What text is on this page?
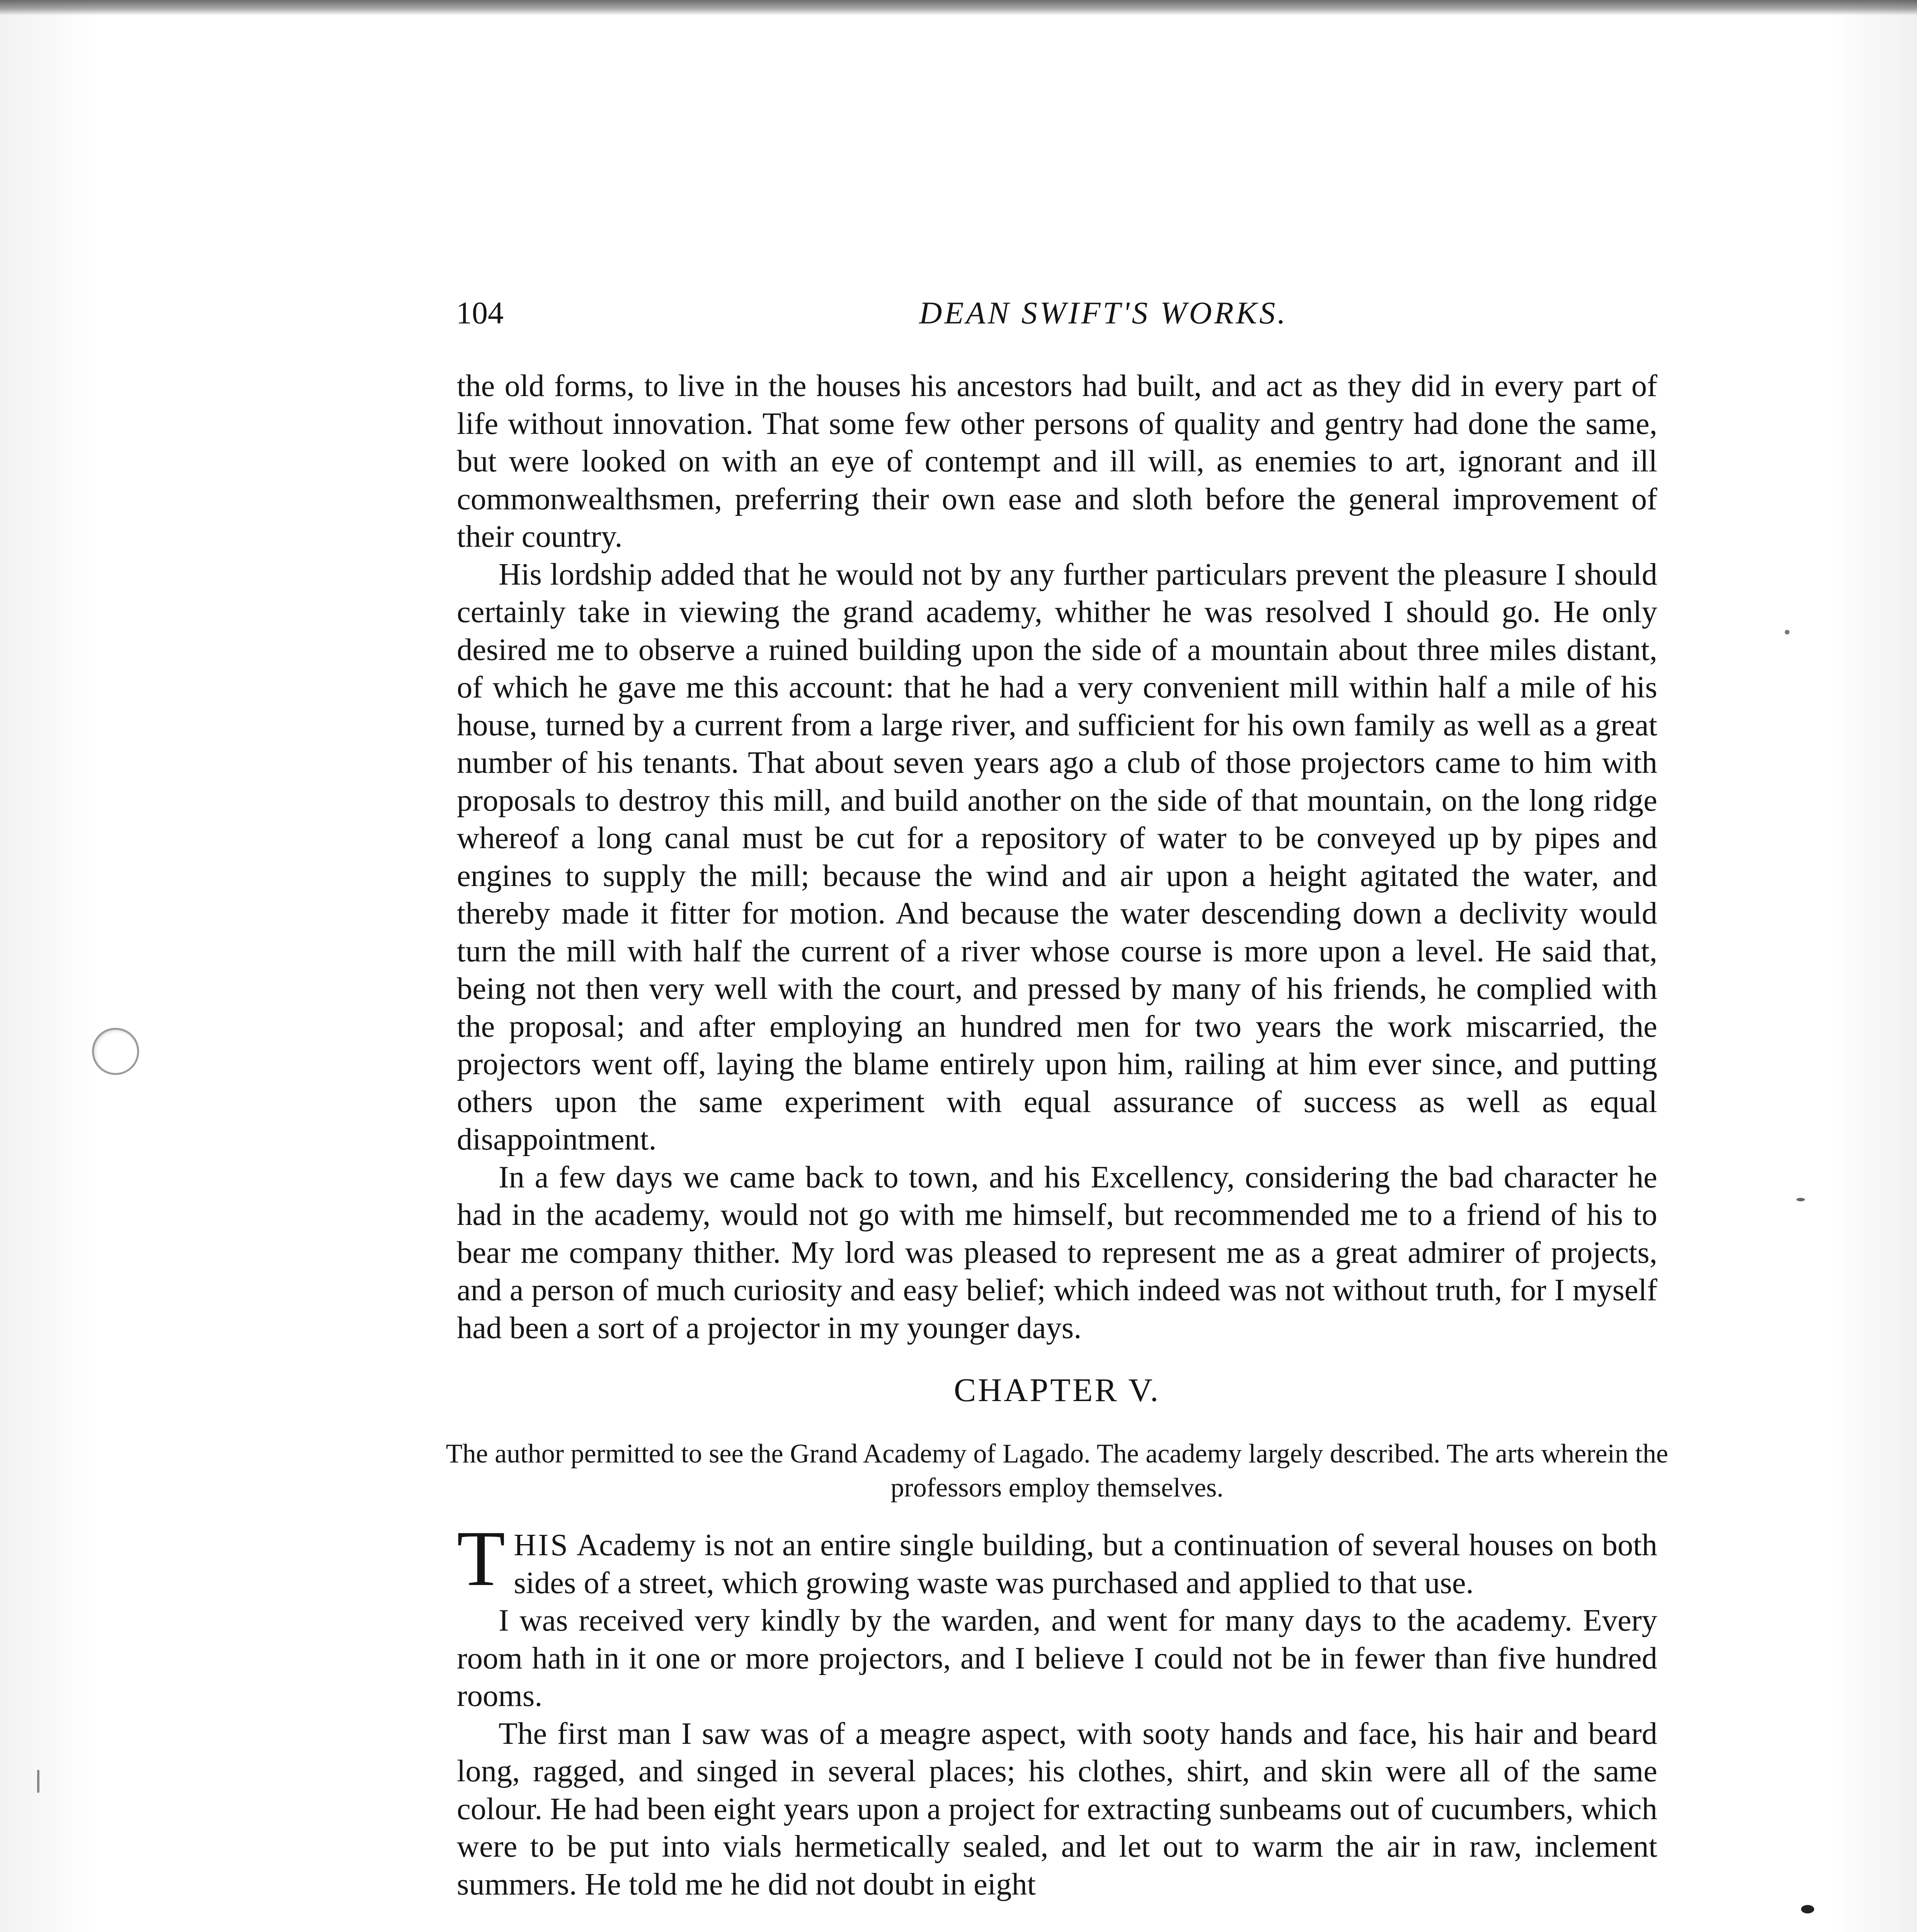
104	DEAN SWIFT'S WORKS.

the old forms, to live in the houses his ancestors had built, and act as they did in every part of life without innovation. That some few other persons of quality and gentry had done the same, but were looked on with an eye of contempt and ill will, as enemies to art, ignorant and ill commonwealthsmen, preferring their own ease and sloth before the general improvement of their country.

His lordship added that he would not by any further particulars prevent the pleasure I should certainly take in viewing the grand academy, whither he was resolved I should go. He only desired me to observe a ruined building upon the side of a mountain about three miles distant, of which he gave me this account: that he had a very convenient mill within half a mile of his house, turned by a current from a large river, and sufficient for his own family as well as a great number of his tenants. That about seven years ago a club of those projectors came to him with proposals to destroy this mill, and build another on the side of that mountain, on the long ridge whereof a long canal must be cut for a repository of water to be conveyed up by pipes and engines to supply the mill; because the wind and air upon a height agitated the water, and thereby made it fitter for motion. And because the water descending down a declivity would turn the mill with half the current of a river whose course is more upon a level. He said that, being not then very well with the court, and pressed by many of his friends, he complied with the proposal; and after employing an hundred men for two years the work miscarried, the projectors went off, laying the blame entirely upon him, railing at him ever since, and putting others upon the same experiment with equal assurance of success as well as equal disappointment.

In a few days we came back to town, and his Excellency, considering the bad character he had in the academy, would not go with me himself, but recommended me to a friend of his to bear me company thither. My lord was pleased to represent me as a great admirer of projects, and a person of much curiosity and easy belief; which indeed was not without truth, for I myself had been a sort of a projector in my younger days.

CHAPTER V.
The author permitted to see the Grand Academy of Lagado. The academy largely described. The arts wherein the professors employ themselves.

THIS Academy is not an entire single building, but a continuation of several houses on both sides of a street, which growing waste was purchased and applied to that use.

I was received very kindly by the warden, and went for many days to the academy. Every room hath in it one or more projectors, and I believe I could not be in fewer than five hundred rooms.

The first man I saw was of a meagre aspect, with sooty hands and face, his hair and beard long, ragged, and singed in several places; his clothes, shirt, and skin were all of the same colour. He had been eight years upon a project for extracting sunbeams out of cucumbers, which were to be put into vials hermetically sealed, and let out to warm the air in raw, inclement summers. He told me he did not doubt in eight
